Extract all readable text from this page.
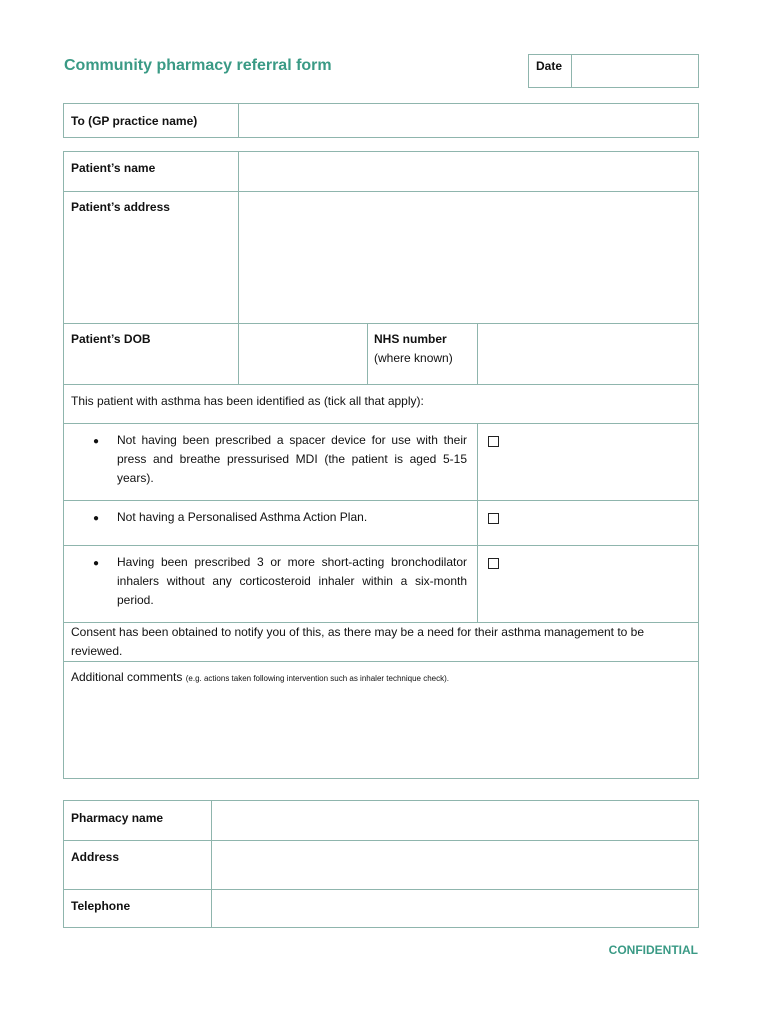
Community pharmacy referral form	Date
To (GP practice name)
Patient’s name
Patient’s address
Patient’s DOB	NHS number
(where known)
This patient with asthma has been identified as (tick all that apply):
● Not having been prescribed a spacer device for use with their press and breathe pressurised MDI (the patient is aged 5-15 years).
● Not having a Personalised Asthma Action Plan.
● Having been prescribed 3 or more short-acting bronchodilator inhalers without any corticosteroid inhaler within a six-month period.
Consent has been obtained to notify you of this, as there may be a need for their asthma management to be reviewed.
Additional comments (e.g. actions taken following intervention such as inhaler technique check).
Pharmacy name
Address
Telephone
CONFIDENTIAL
